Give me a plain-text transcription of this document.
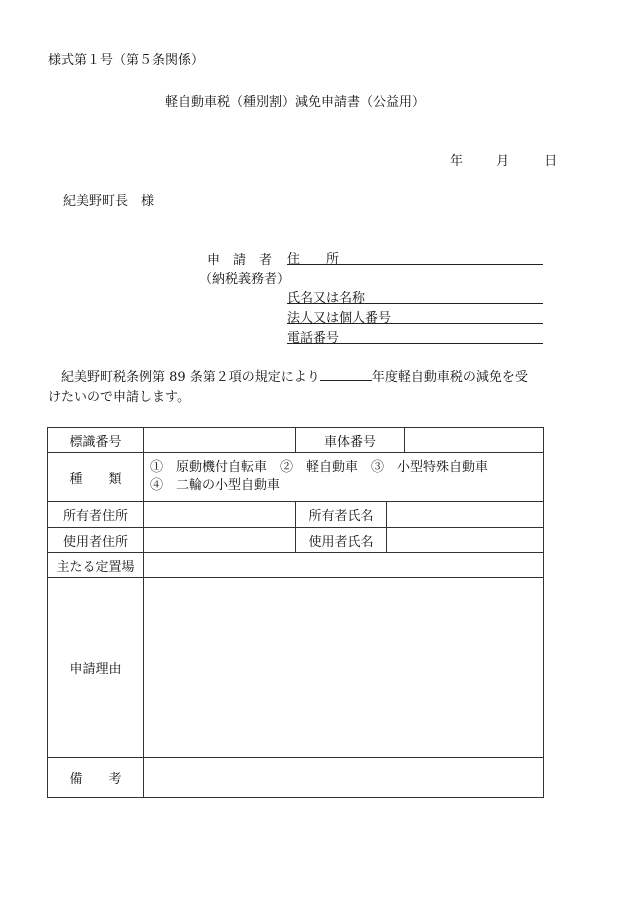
様式第１号（第５条関係）
軽自動車税（種別割）減免申請書（公益用）
年	月	日
紀美野町長　様
申　請　者
（納税義務者）
住　　所
氏名又は名称
法人又は個人番号
電話番号
紀美野町税条例第 89 条第２項の規定により	年度軽自動車税の減免を受
けたいので申請します。
標識番号		車体番号		
種　　類	①　原動機付自転車　②　軽自動車　③　小型特殊自動車
④　二輪の小型自動車			

所有者住所		所有者氏名		
使用者住所		使用者氏名		
主たる定置場				
申請理由				
備　　考				
